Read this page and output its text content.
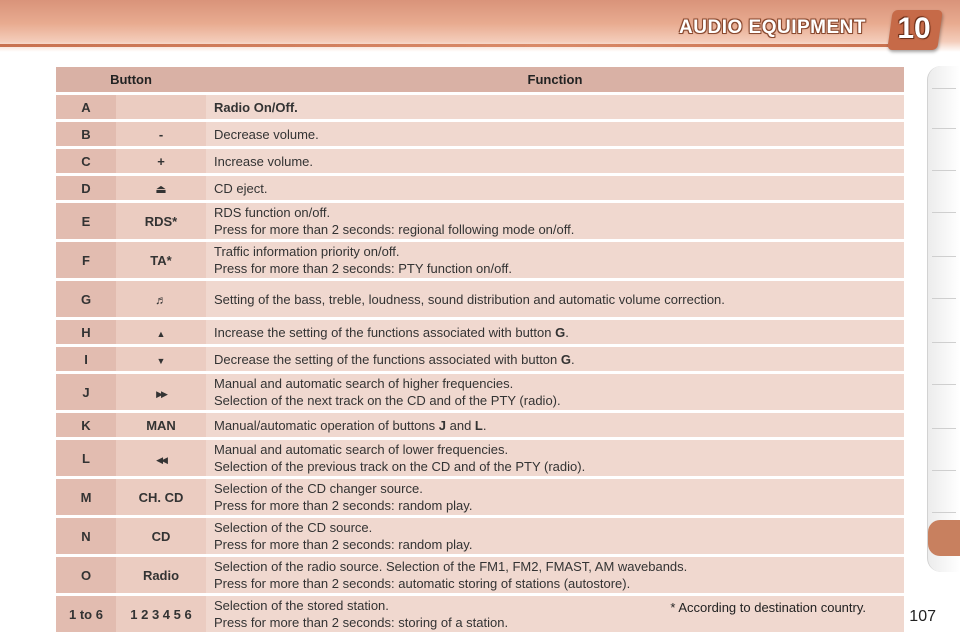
AUDIO EQUIPMENT 10
Button		Function
A		Radio On/Off.

B	-	Decrease volume.

C	+	Increase volume.

D	⏏	CD eject.

E	RDS*	RDS function on/off.
Press for more than 2 seconds: regional following mode on/off.

F	TA*	Traffic information priority on/off.
Press for more than 2 seconds: PTY function on/off.

G	♬	Setting of the bass, treble, loudness, sound distribution and automatic volume correction.

H	▲	Increase the setting of the functions associated with button G.
I	▼	Decrease the setting of the functions associated with button G.
J	▶▶	Manual and automatic search of higher frequencies.
Selection of the next track on the CD and of the PTY (radio).

K	MAN	Manual/automatic operation of buttons J and L.
L	◀◀	Manual and automatic search of lower frequencies.
Selection of the previous track on the CD and of the PTY (radio).

M	CH. CD	Selection of the CD changer source.
Press for more than 2 seconds: random play.

N	CD	Selection of the CD source.
Press for more than 2 seconds: random play.

O	Radio	Selection of the radio source. Selection of the FM1, FM2, FMAST, AM wavebands.
Press for more than 2 seconds: automatic storing of stations (autostore).

1 to 6	1 2 3 4 5 6	Selection of the stored station.
Press for more than 2 seconds: storing of a station.
* According to destination country.
107
